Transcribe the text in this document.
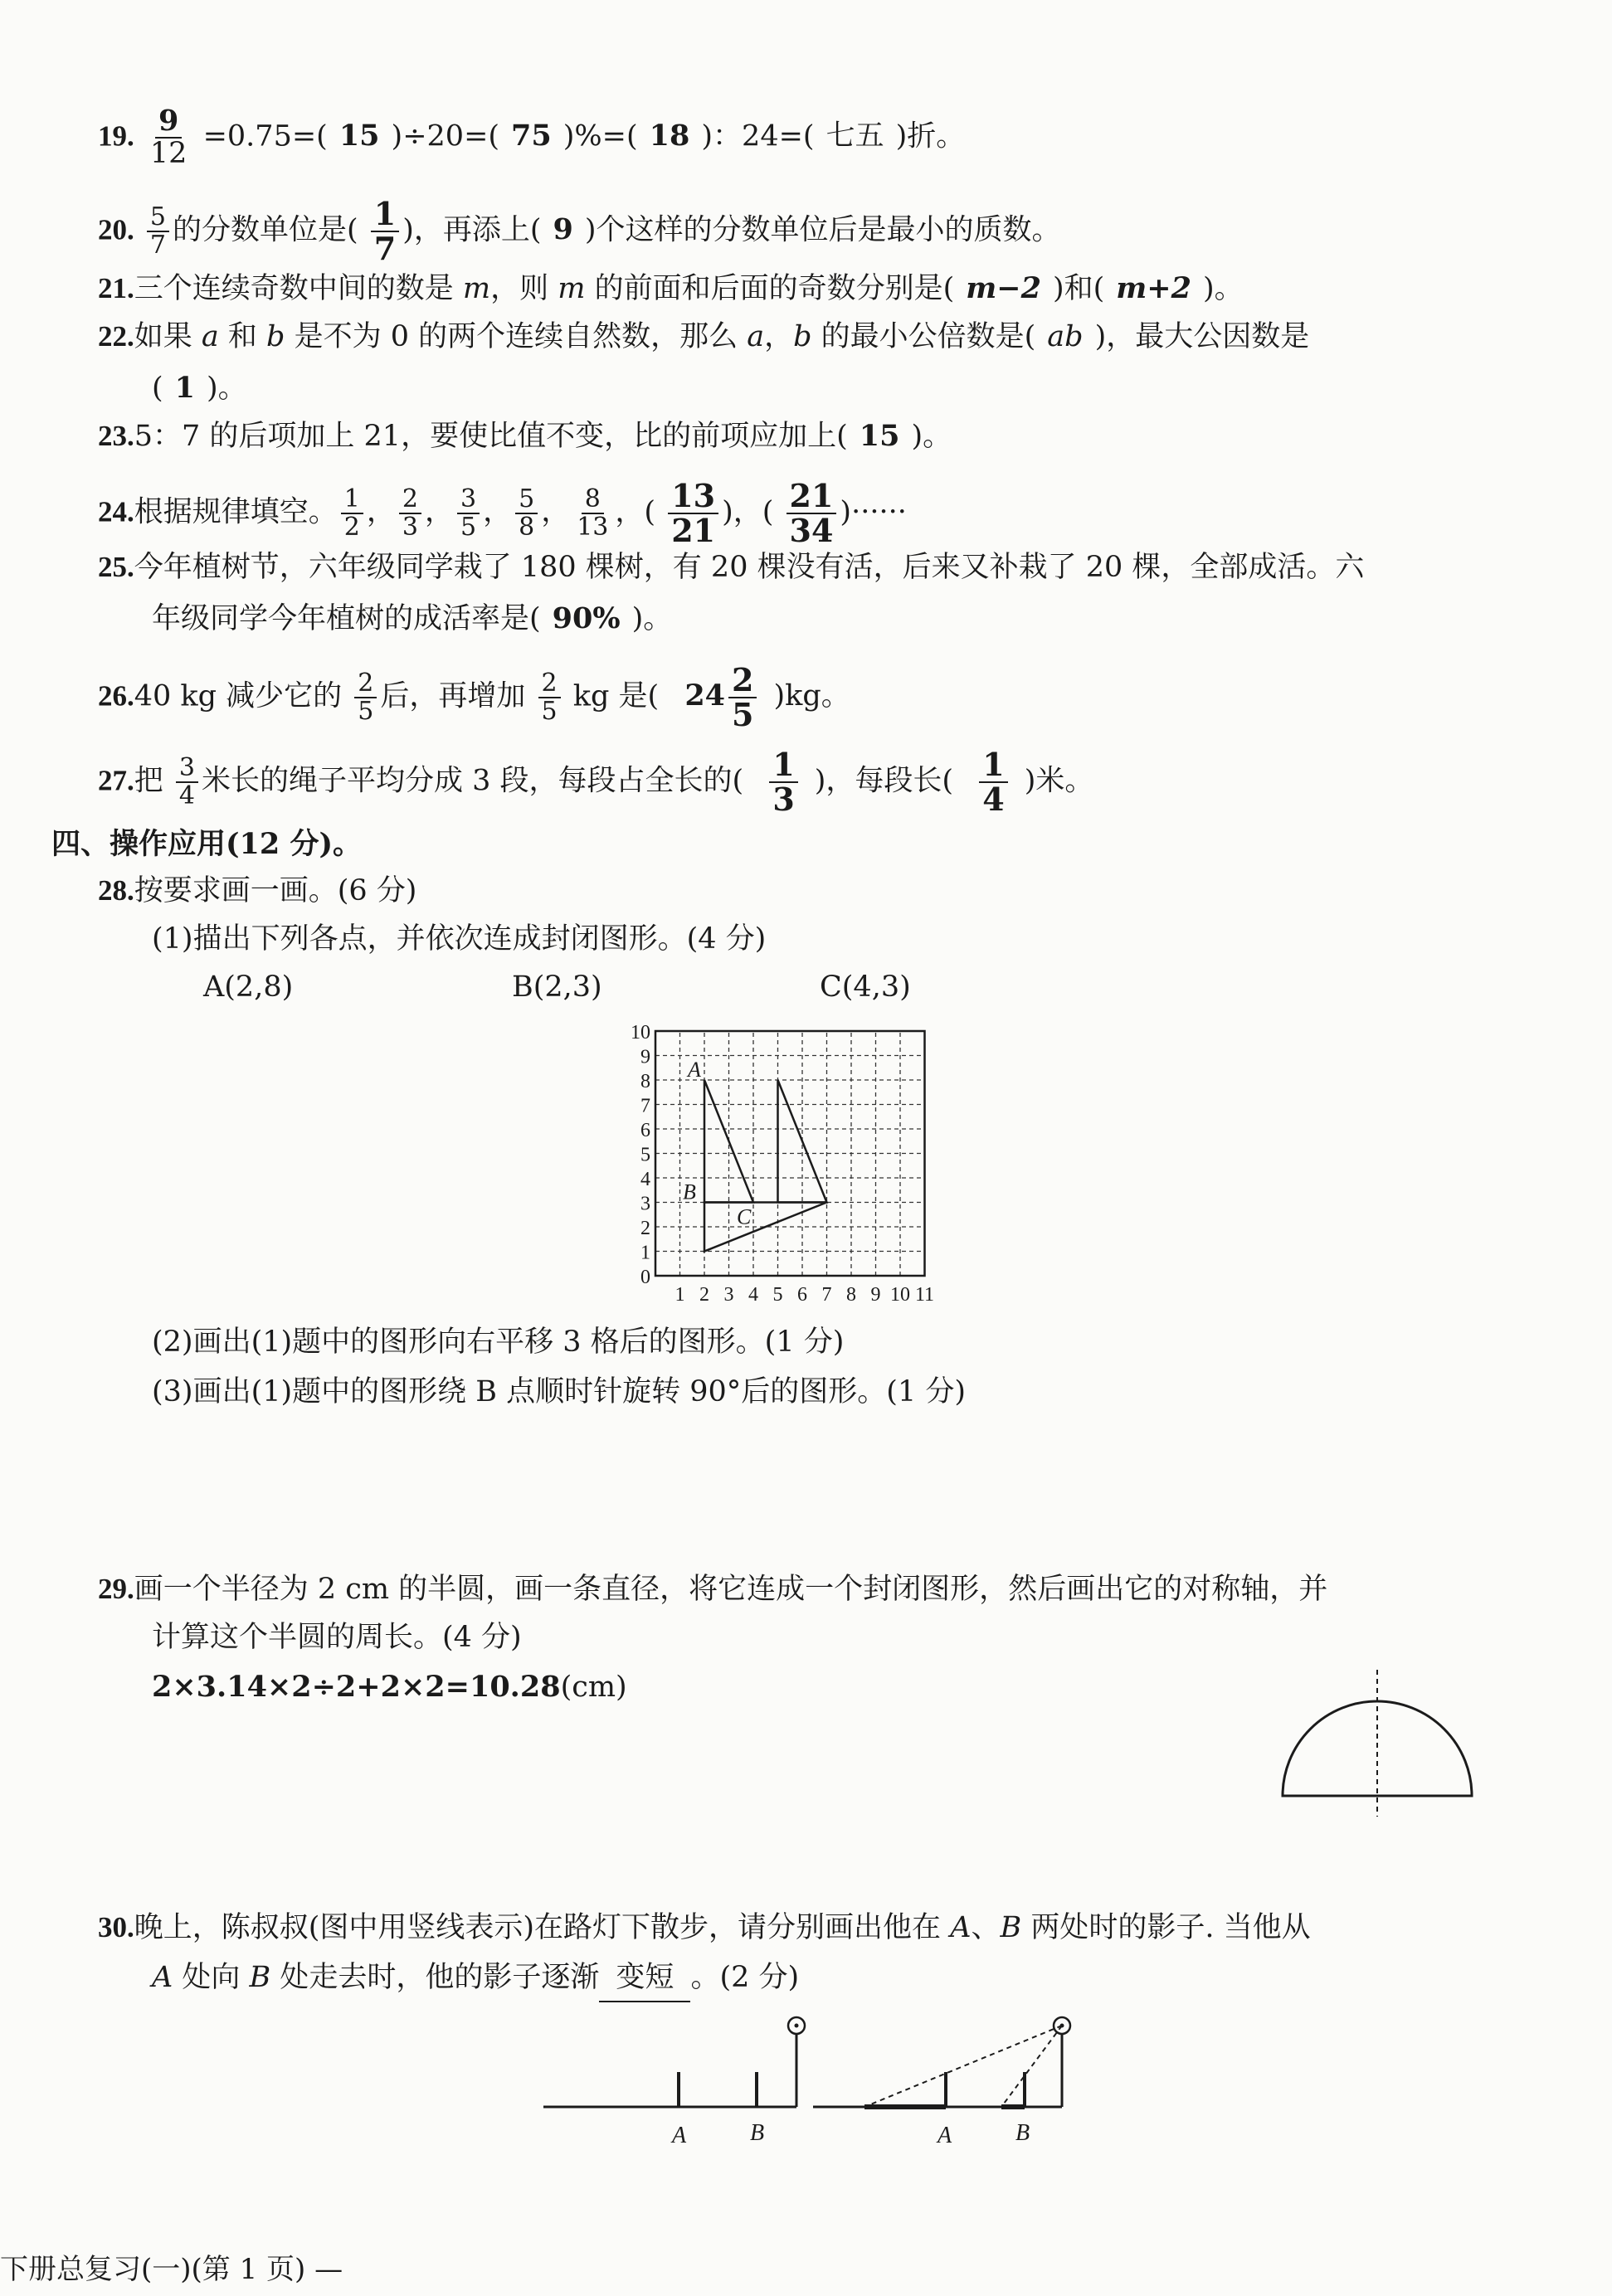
19. $\frac{9}{12} =0.75=$( 15 )÷20=( 75 )%=( 18 )：24=( 七五 )折。
20. $\frac{5}{7}$ 的分数单位是( $\frac{1}{7}$ )，再添上( 9 )个这样的分数单位后是最小的质数。
21.三个连续奇数中间的数是 m，则 m 的前面和后面的奇数分别是( m−2 )和( m+2 )。
22.如果 a 和 b 是不为 0 的两个连续自然数，那么 a，b 的最小公倍数是( ab )，最大公因数是
( 1 )。
23.5：7 的后项加上 21，要使比值不变，比的前项应加上( 15 )。
24.根据规律填空。 $\frac{1}{2}$ ， $\frac{2}{3}$ ， $\frac{3}{5}$ ， $\frac{5}{8}$ ， $\frac{8}{13}$ ，( $\frac{13}{21}$ )，( $\frac{21}{34}$ )······
25.今年植树节，六年级同学栽了 180 棵树，有 20 棵没有活，后来又补栽了 20 棵，全部成活。六
年级同学今年植树的成活率是( 90% )。
26.40 kg 减少它的 $\frac{2}{5}$ 后，再增加 $\frac{2}{5}$ kg 是( $24 \frac{2}{5} )kg$。
27.把 $\frac{3}{4}$ 米长的绳子平均分成 3 段，每段占全长的( $\frac{1}{3}$ )，每段长( $\frac{1}{4}$ )米。
四、操作应用(12 分)。
28.按要求画一画。(6 分)
(1)描出下列各点，并依次连成封闭图形。(4 分)
A(2,8)	B(2,3)	C(4,3)
1 2 3 4 5 6 7 8 9 10 11
0
1
2
3
4
5
6
7
8
9
10
A
B
C
(2)画出(1)题中的图形向右平移 3 格后的图形。(1 分)
(3)画出(1)题中的图形绕 B 点顺时针旋转 90°后的图形。(1 分)
29.画一个半径为 2 cm 的半圆，画一条直径，将它连成一个封闭图形，然后画出它的对称轴，并
计算这个半圆的周长。(4 分)
2×3.14×2÷2+2×2=10.28(cm)
30.晚上，陈叔叔(图中用竖线表示)在路灯下散步，请分别画出他在 A、B 两处时的影子. 当他从
A 处向 B 处走去时，他的影子逐渐 变短 。(2 分)
A	B	A	B
下册总复习(一)(第 1 页) —
